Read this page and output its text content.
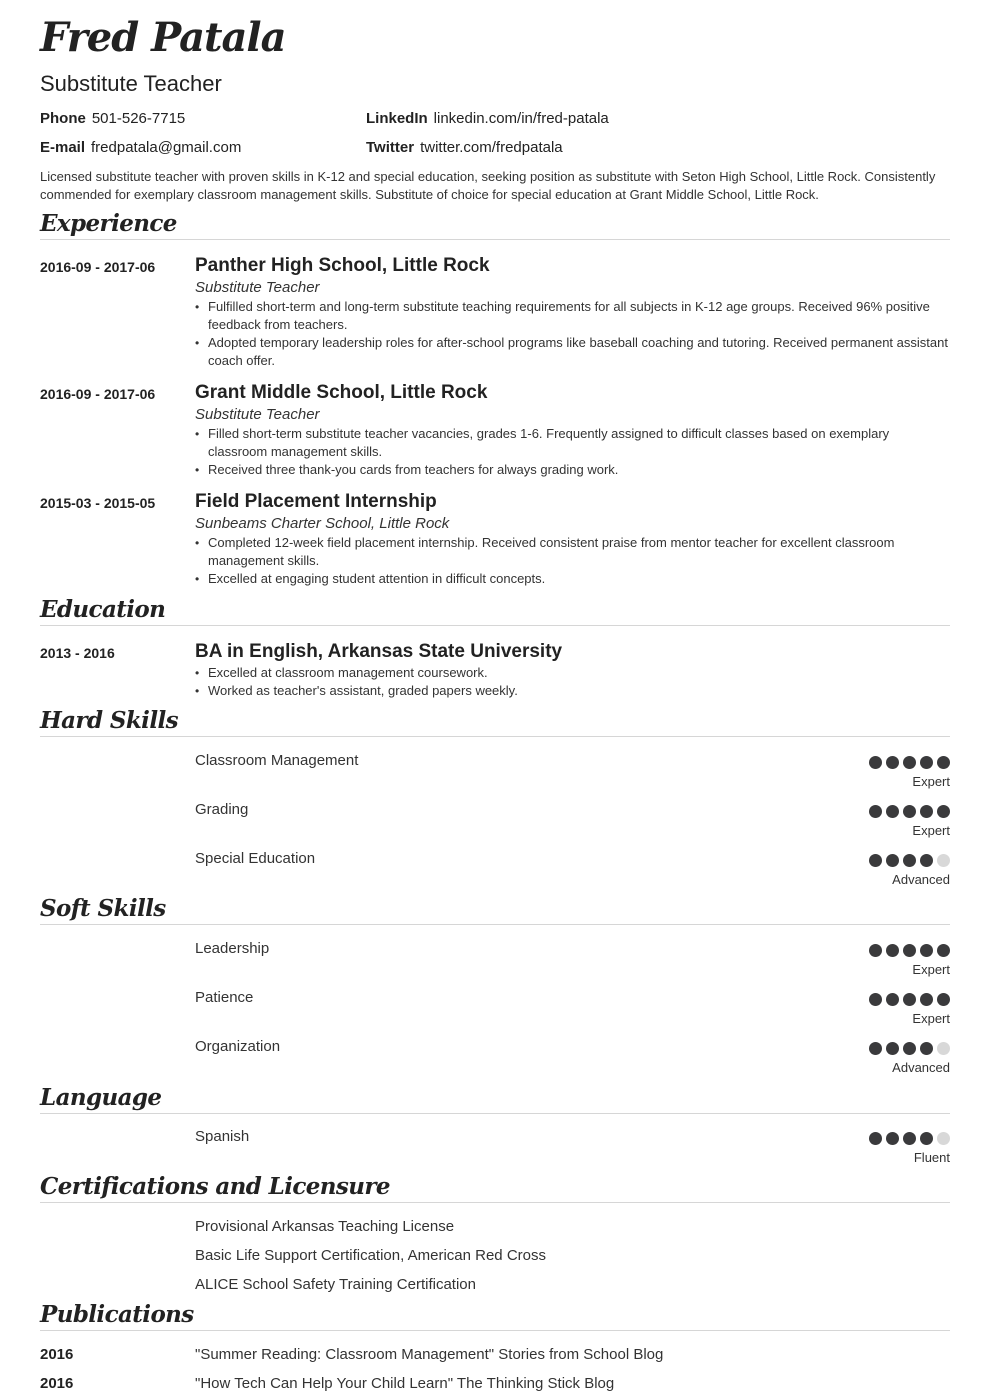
Fred Patala
Substitute Teacher
Phone 501-526-7715	LinkedIn linkedin.com/in/fred-patala
E-mail fredpatala@gmail.com	Twitter twitter.com/fredpatala
Licensed substitute teacher with proven skills in K-12 and special education, seeking position as substitute with Seton High School, Little Rock. Consistently commended for exemplary classroom management skills. Substitute of choice for special education at Grant Middle School, Little Rock.
Experience
2016-09 - 2017-06 Panther High School, Little Rock
Substitute Teacher
• Fulfilled short-term and long-term substitute teaching requirements for all subjects in K-12 age groups. Received 96% positive feedback from teachers.
• Adopted temporary leadership roles for after-school programs like baseball coaching and tutoring. Received permanent assistant coach offer.
2016-09 - 2017-06 Grant Middle School, Little Rock
Substitute Teacher
• Filled short-term substitute teacher vacancies, grades 1-6. Frequently assigned to difficult classes based on exemplary classroom management skills.
• Received three thank-you cards from teachers for always grading work.
2015-03 - 2015-05 Field Placement Internship
Sunbeams Charter School, Little Rock
• Completed 12-week field placement internship. Received consistent praise from mentor teacher for excellent classroom management skills.
• Excelled at engaging student attention in difficult concepts.
Education
2013 - 2016	BA in English, Arkansas State University
• Excelled at classroom management coursework.
• Worked as teacher's assistant, graded papers weekly.
Hard Skills
Classroom Management
Expert
Grading
Expert
Special Education
Advanced
Soft Skills
Leadership
Expert
Patience
Expert
Organization
Advanced
Language
Spanish
Fluent
Certifications and Licensure
Provisional Arkansas Teaching License
Basic Life Support Certification, American Red Cross
ALICE School Safety Training Certification
Publications
2016	"Summer Reading: Classroom Management" Stories from School Blog
2016	"How Tech Can Help Your Child Learn" The Thinking Stick Blog
